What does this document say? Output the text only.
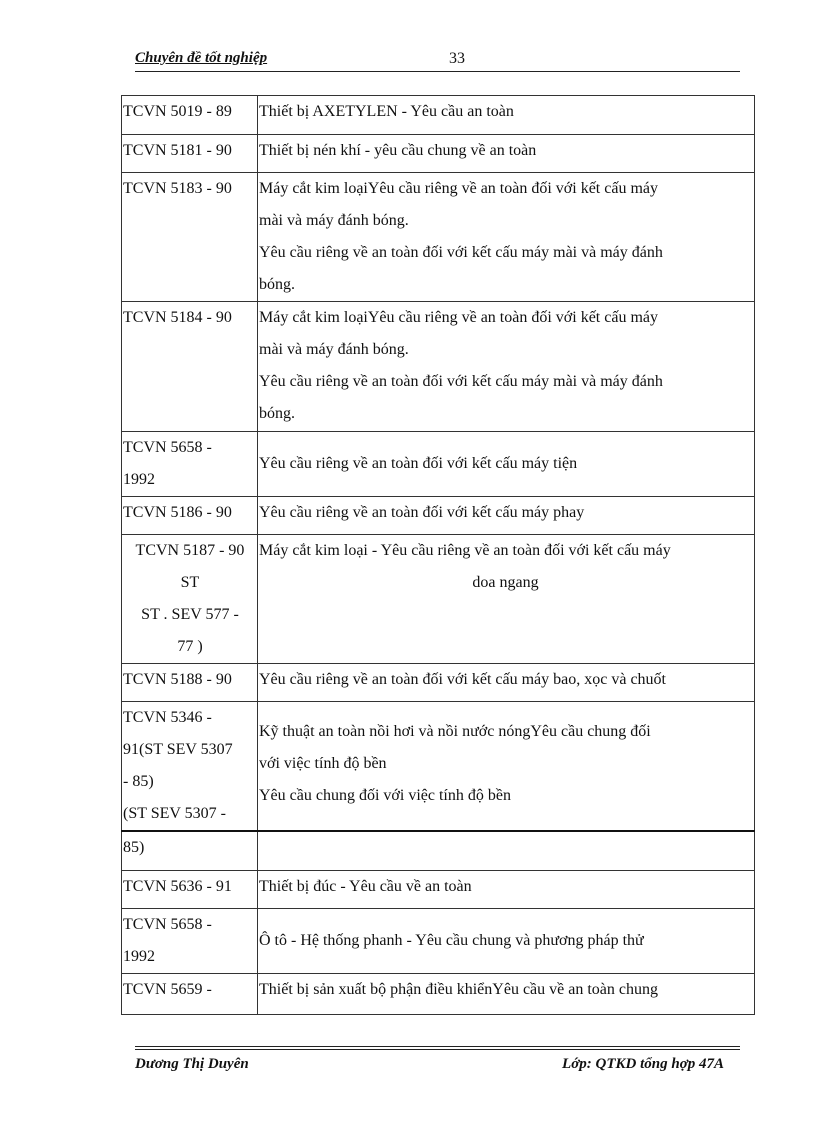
Chuyên đề tốt nghiệp	33
TCVN 5019 - 89	Thiết bị AXETYLEN - Yêu cầu an toàn

TCVN 5181 - 90	Thiết bị nén khí - yêu cầu chung về an toàn

TCVN 5183 - 90	Máy cắt kim loạiYêu cầu riêng về an toàn đối với kết cấu máy
mài và máy đánh bóng.
Yêu cầu riêng về an toàn đối với kết cấu máy mài và máy đánh
bóng.

TCVN 5184 - 90	Máy cắt kim loạiYêu cầu riêng về an toàn đối với kết cấu máy
mài và máy đánh bóng.
Yêu cầu riêng về an toàn đối với kết cấu máy mài và máy đánh
bóng.

TCVN 5658 -
1992	Yêu cầu riêng về an toàn đối với kết cấu máy tiện

TCVN 5186 - 90	Yêu cầu riêng về an toàn đối với kết cấu máy phay

TCVN 5187 - 90
ST
ST . SEV 577 -
77 )	Máy cắt kim loại - Yêu cầu riêng về an toàn đối với kết cấu máy
doa ngang

TCVN 5188 - 90	Yêu cầu riêng về an toàn đối với kết cấu máy bao, xọc và chuốt

TCVN 5346 -
91(ST SEV 5307
- 85)
(ST SEV 5307 -	Kỹ thuật an toàn nồi hơi và nồi nước nóngYêu cầu chung đối
với việc tính độ bền
Yêu cầu chung đối với việc tính độ bền

85)	

TCVN 5636 - 91	Thiết bị đúc - Yêu cầu về an toàn

TCVN 5658 -
1992	Ô tô - Hệ thống phanh - Yêu cầu chung và phương pháp thử

TCVN 5659 -	Thiết bị sản xuất bộ phận điều khiểnYêu cầu về an toàn chung
Dương Thị Duyên	Lớp: QTKD tổng hợp 47A
